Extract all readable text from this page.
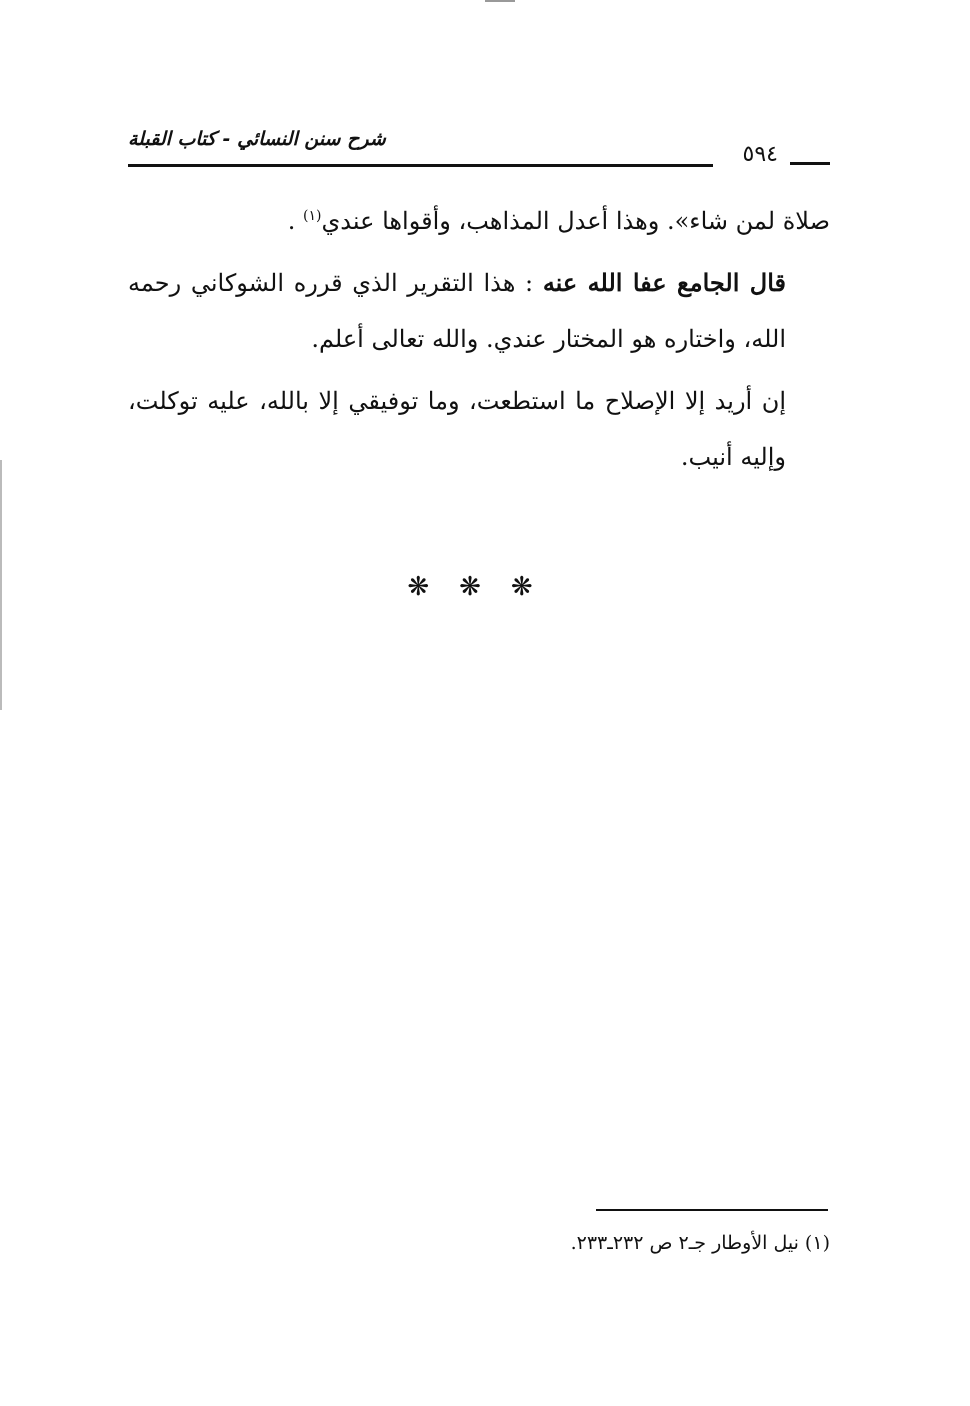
شرح سنن النسائي - كتاب القبلة
٥٩٤

صلاة لمن شاء». وهذا أعدل المذاهب، وأقواها عندي$^{(١)}$ .

قال الجامع عفا الله عنه : هذا التقرير الذي قرره الشوكاني رحمه الله، واختاره هو المختار عندي. والله تعالى أعلم.

إن أريد إلا الإصلاح ما استطعت، وما توفيقي إلا بالله، عليه توكلت، وإليه أنيب.

❋❋❋
(١) نيل الأوطار جـ٢ ص ٢٣٢ـ٢٣٣.
